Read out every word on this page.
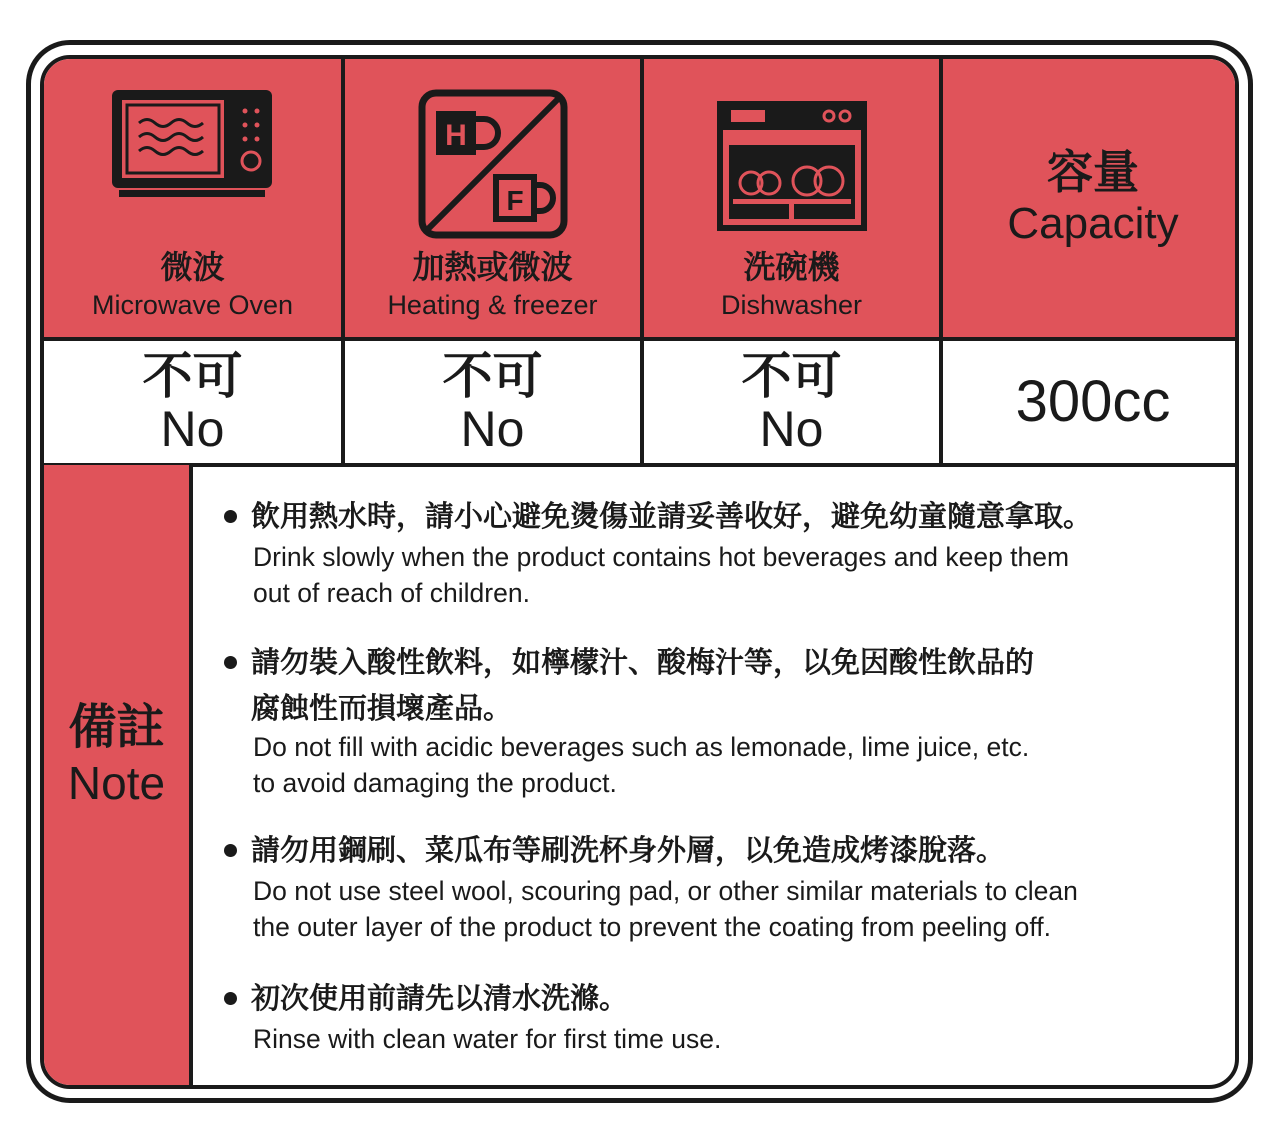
微波
Microwave Oven
H
F
加熱或微波
Heating & freezer
洗碗機
Dishwasher
容量
Capacity
不可
No
不可
No
不可
No	300cc
備註
Note
飲用熱水時，請小心避免燙傷並請妥善收好，避免幼童隨意拿取。
Drink slowly when the product contains hot beverages and keep them
out of reach of children.
請勿裝入酸性飲料，如檸檬汁、酸梅汁等，以免因酸性飲品的
腐蝕性而損壞產品。
Do not fill with acidic beverages such as lemonade, lime juice, etc.
to avoid damaging the product.
請勿用鋼刷、菜瓜布等刷洗杯身外層，以免造成烤漆脫落。
Do not use steel wool, scouring pad, or other similar materials to clean
the outer layer of the product to prevent the coating from peeling off.
初次使用前請先以清水洗滌。
Rinse with clean water for first time use.
